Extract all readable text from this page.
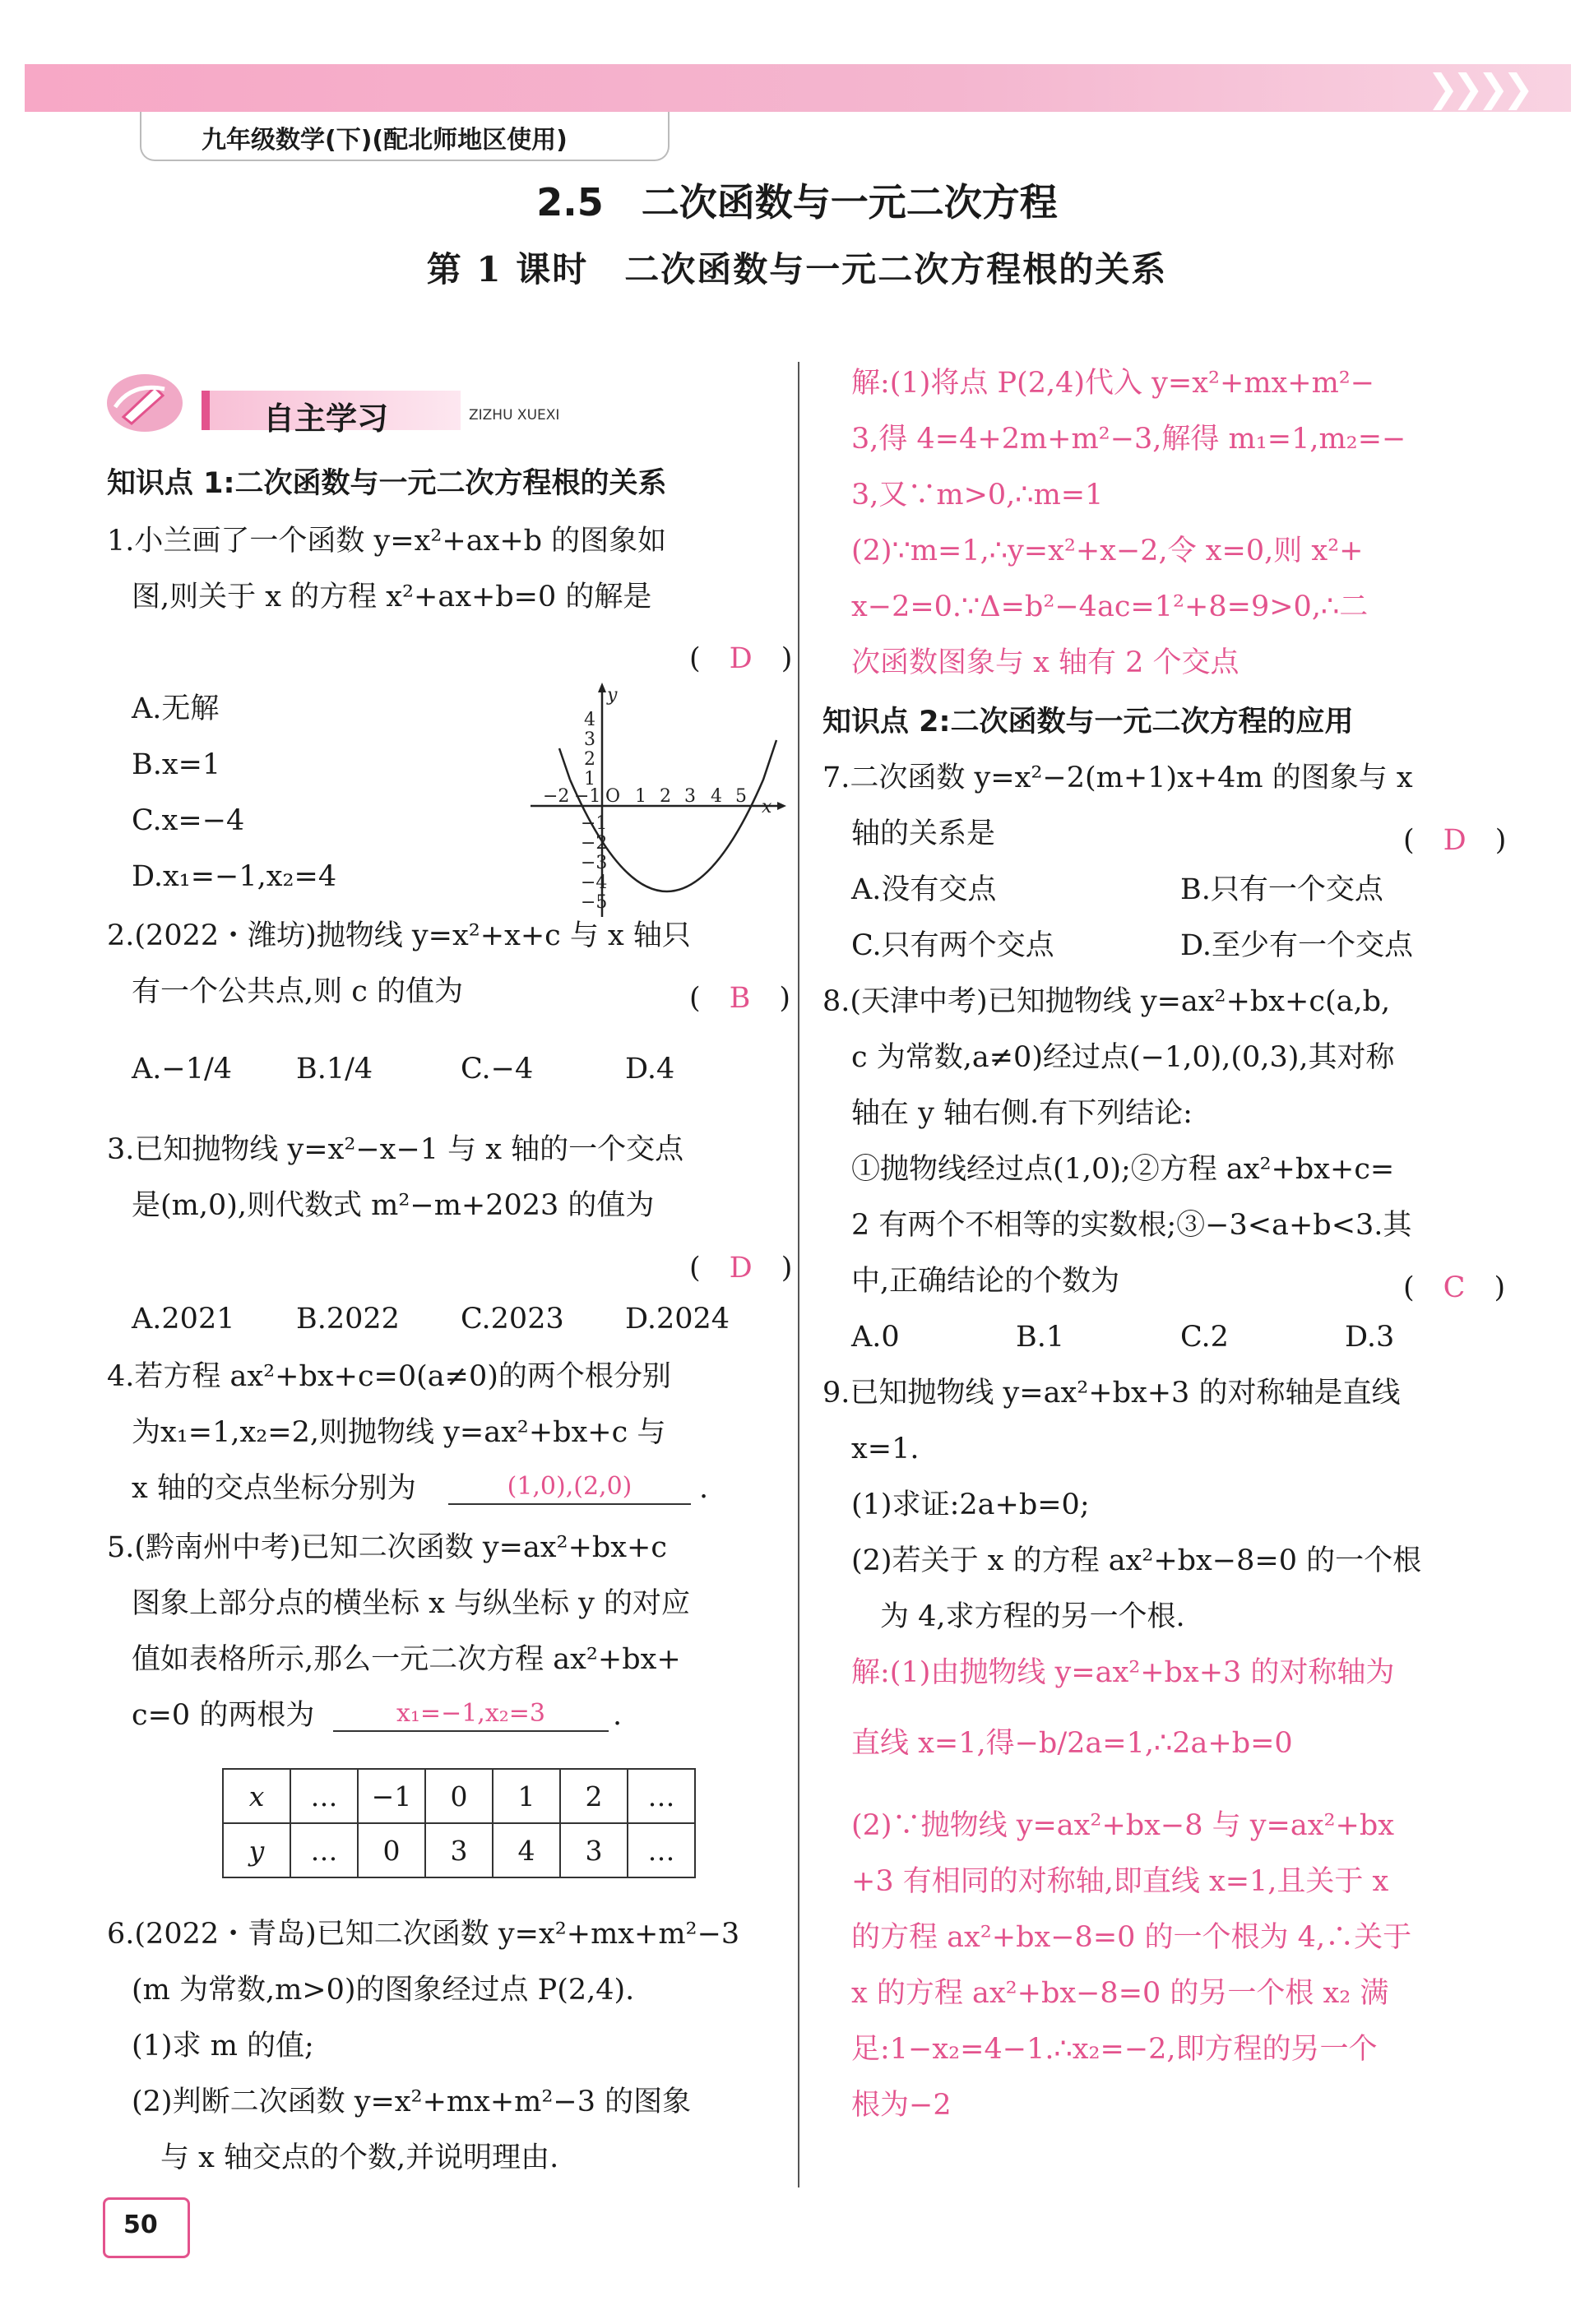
❯❯❯❯
九年级数学(下)(配北师地区使用)
2.5　二次函数与一元二次方程
第 1 课时　二次函数与一元二次方程根的关系
自主学习	ZIZHU XUEXI
知识点 1:二次函数与一元二次方程根的关系
1.小兰画了一个函数 y=x²+ax+b 的图象如
图,则关于 x 的方程 x²+ax+b=0 的解是
(　D　)
A.无解
B.x=1
C.x=−4
D.x₁=−1,x₂=4
−2 −1 O 1 2 3 4 5
x
y
4
3
2
1
−1
−2
−3
−4
−5
2.(2022・潍坊)抛物线 y=x²+x+c 与 x 轴只
有一个公共点,则 c 的值为	(　B　)
A.−1/4 B.1/4	C.−4	D.4
3.已知抛物线 y=x²−x−1 与 x 轴的一个交点
是(m,0),则代数式 m²−m+2023 的值为
(　D　)
A.2021 B.2022 C.2023 D.2024
4.若方程 ax²+bx+c=0(a≠0)的两个根分别
为x₁=1,x₂=2,则抛物线 y=ax²+bx+c 与
x 轴的交点坐标分别为	(1,0),(2,0)	.
5.(黔南州中考)已知二次函数 y=ax²+bx+c
图象上部分点的横坐标 x 与纵坐标 y 的对应
值如表格所示,那么一元二次方程 ax²+bx+
c=0 的两根为	x₁=−1,x₂=3	.
x	…	−1	0	1	2	…
y	…	0	3	4	3	…
6.(2022・青岛)已知二次函数 y=x²+mx+m²−3
(m 为常数,m>0)的图象经过点 P(2,4).
(1)求 m 的值;
(2)判断二次函数 y=x²+mx+m²−3 的图象
　与 x 轴交点的个数,并说明理由.
解:(1)将点 P(2,4)代入 y=x²+mx+m²−
3,得 4=4+2m+m²−3,解得 m₁=1,m₂=−
3,又∵m>0,∴m=1
(2)∵m=1,∴y=x²+x−2,令 x=0,则 x²+
x−2=0.∵Δ=b²−4ac=1²+8=9>0,∴二
次函数图象与 x 轴有 2 个交点
知识点 2:二次函数与一元二次方程的应用
7.二次函数 y=x²−2(m+1)x+4m 的图象与 x
轴的关系是	(　D　)
A.没有交点	B.只有一个交点
C.只有两个交点	D.至少有一个交点
8.(天津中考)已知抛物线 y=ax²+bx+c(a,b,
c 为常数,a≠0)经过点(−1,0),(0,3),其对称
轴在 y 轴右侧.有下列结论:
①抛物线经过点(1,0);②方程 ax²+bx+c=
2 有两个不相等的实数根;③−3<a+b<3.其
中,正确结论的个数为	(　C　)
A.0	B.1	C.2	D.3
9.已知抛物线 y=ax²+bx+3 的对称轴是直线
x=1.
(1)求证:2a+b=0;
(2)若关于 x 的方程 ax²+bx−8=0 的一个根
　为 4,求方程的另一个根.
解:(1)由抛物线 y=ax²+bx+3 的对称轴为
直线 x=1,得−b/2a=1,∴2a+b=0
(2)∵抛物线 y=ax²+bx−8 与 y=ax²+bx
+3 有相同的对称轴,即直线 x=1,且关于 x
的方程 ax²+bx−8=0 的一个根为 4,∴关于
x 的方程 ax²+bx−8=0 的另一个根 x₂ 满
足:1−x₂=4−1.∴x₂=−2,即方程的另一个
根为−2
50
